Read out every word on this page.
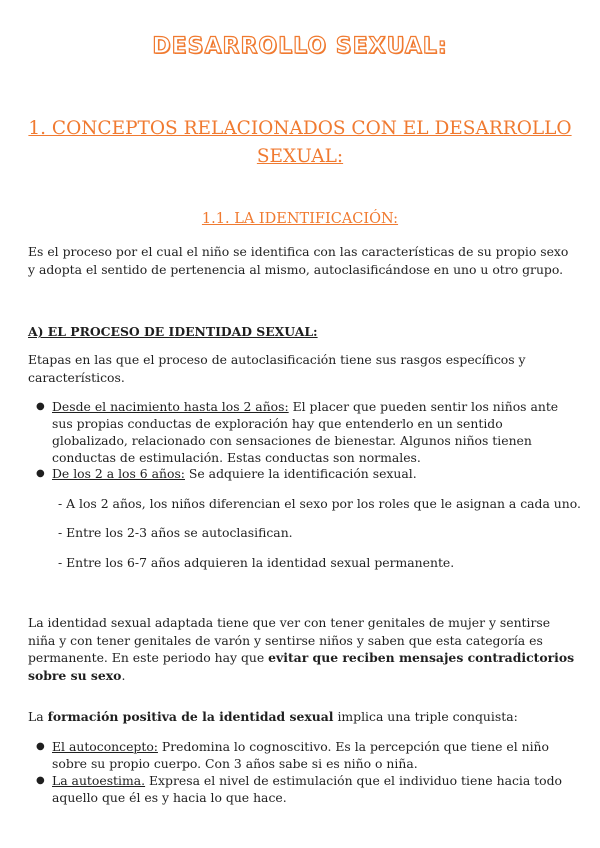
DESARROLLO SEXUAL:
1. CONCEPTOS RELACIONADOS CON EL DESARROLLO SEXUAL:
1.1. LA IDENTIFICACIÓN:

Es el proceso por el cual el niño se identifica con las características de su propio sexo y adopta el sentido de pertenencia al mismo, autoclasificándose en uno u otro grupo.

A) EL PROCESO DE IDENTIDAD SEXUAL:

Etapas en las que el proceso de autoclasificación tiene sus rasgos específicos y característicos.

● Desde el nacimiento hasta los 2 años: El placer que pueden sentir los niños ante sus propias conductas de exploración hay que entenderlo en un sentido globalizado, relacionado con sensaciones de bienestar. Algunos niños tienen conductas de estimulación. Estas conductas son normales.

● De los 2 a los 6 años: Se adquiere la identificación sexual.

- A los 2 años, los niños diferencian el sexo por los roles que le asignan a cada uno.

- Entre los 2-3 años se autoclasifican.

- Entre los 6-7 años adquieren la identidad sexual permanente.

La identidad sexual adaptada tiene que ver con tener genitales de mujer y sentirse niña y con tener genitales de varón y sentirse niños y saben que esta categoría es permanente. En este periodo hay que evitar que reciben mensajes contradictorios sobre su sexo.

La formación positiva de la identidad sexual implica una triple conquista:

● El autoconcepto: Predomina lo cognoscitivo. Es la percepción que tiene el niño sobre su propio cuerpo. Con 3 años sabe si es niño o niña.

● La autoestima. Expresa el nivel de estimulación que el individuo tiene hacia todo aquello que él es y hacia lo que hace.
